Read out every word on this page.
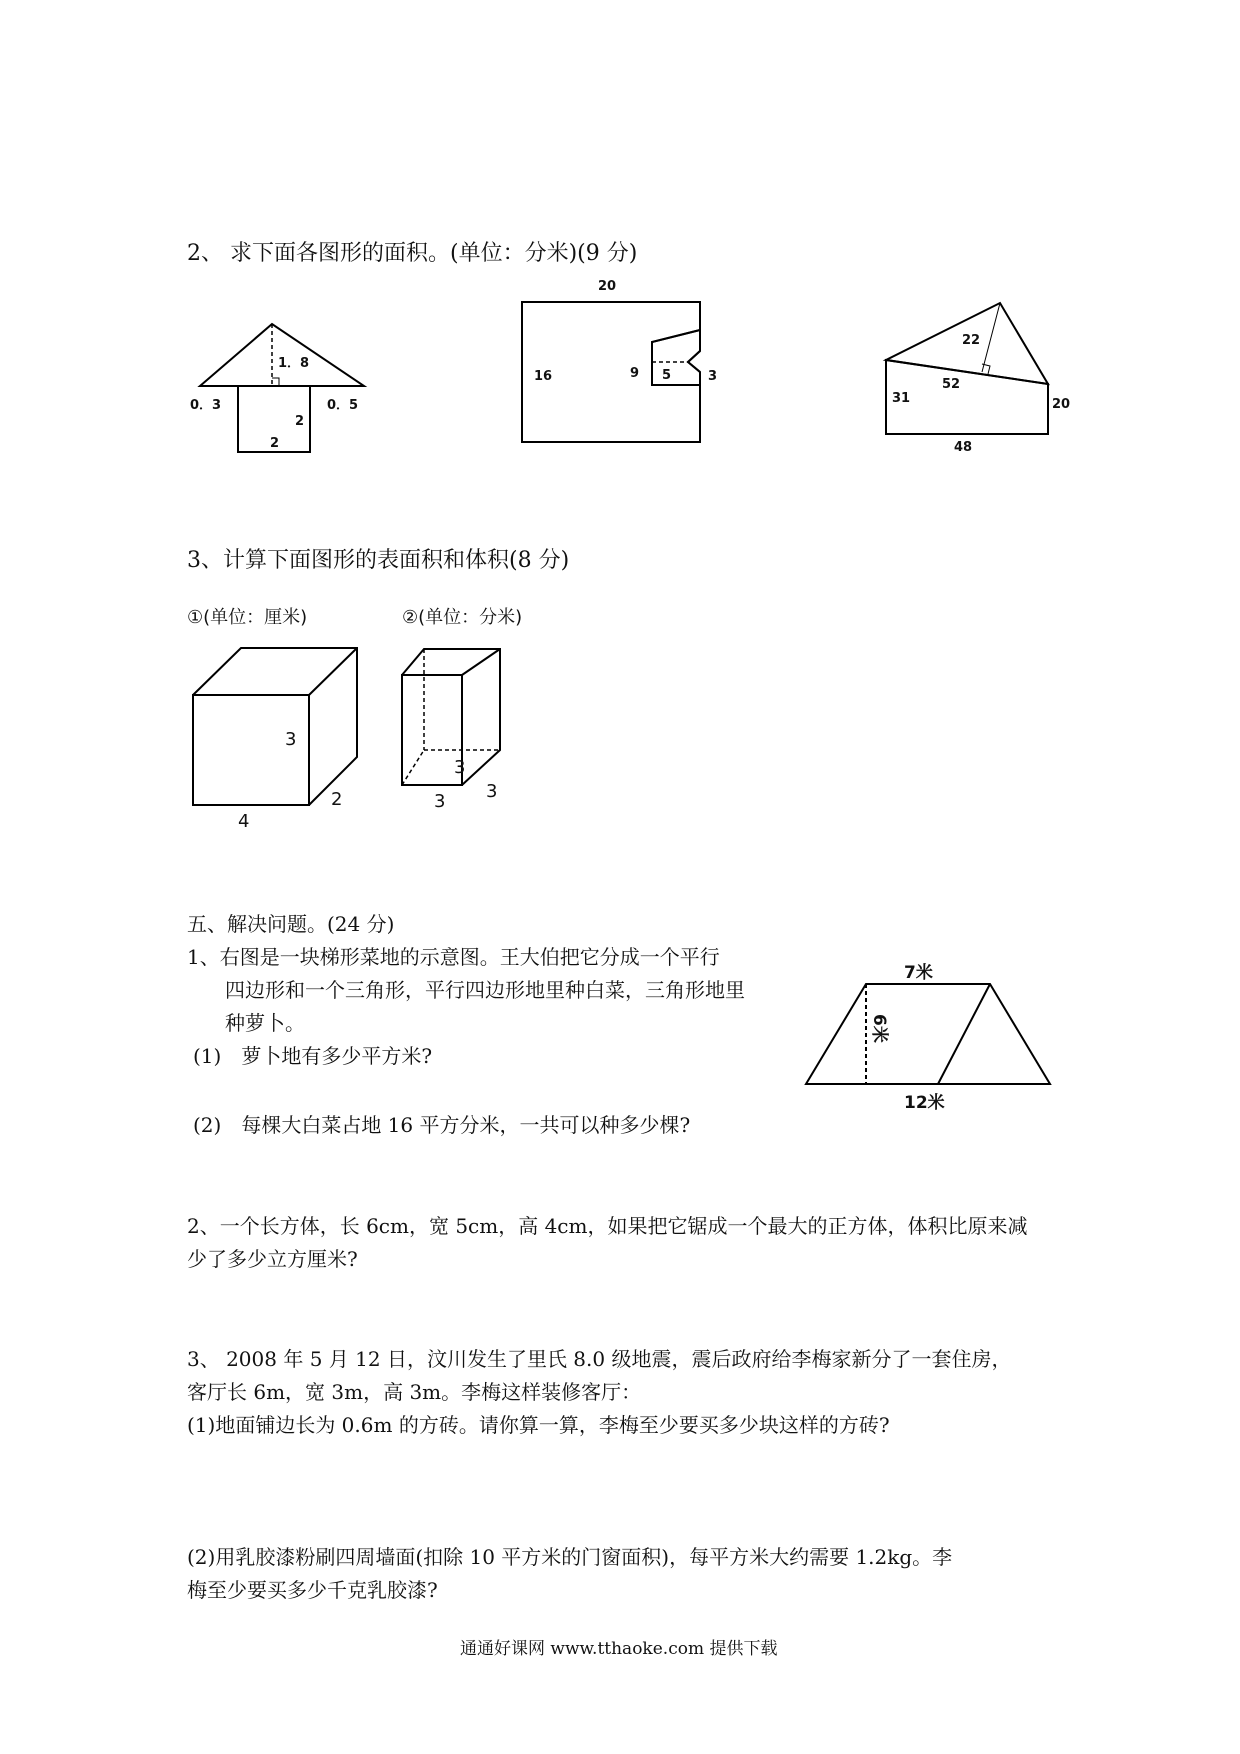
2、 求下面各图形的面积。(单位：分米)(9 分)
1．8
0．3	0．5
2
2
20
16	9 5	3
22
52
31	20
48
3、计算下面图形的表面积和体积(8 分)
①(单位：厘米)
3
4
2
②(单位：分米)
3
3 3
五、解决问题。(24 分)
1、右图是一块梯形菜地的示意图。王大伯把它分成一个平行
四边形和一个三角形，平行四边形地里种白菜，三角形地里
种萝卜。
(1)　萝卜地有多少平方米?
(2)　每棵大白菜占地 16 平方分米，一共可以种多少棵?
7米
6米
12米
2、一个长方体，长 6cm，宽 5cm，高 4cm，如果把它锯成一个最大的正方体，体积比原来减
少了多少立方厘米?
3、 2008 年 5 月 12 日，汶川发生了里氏 8.0 级地震，震后政府给李梅家新分了一套住房，
客厅长 6m，宽 3m，高 3m。李梅这样装修客厅：
(1)地面铺边长为 0.6m 的方砖。请你算一算，李梅至少要买多少块这样的方砖?
(2)用乳胶漆粉刷四周墙面(扣除 10 平方米的门窗面积)，每平方米大约需要 1.2kg。李
梅至少要买多少千克乳胶漆?
通通好课网 www.tthaoke.com 提供下载
